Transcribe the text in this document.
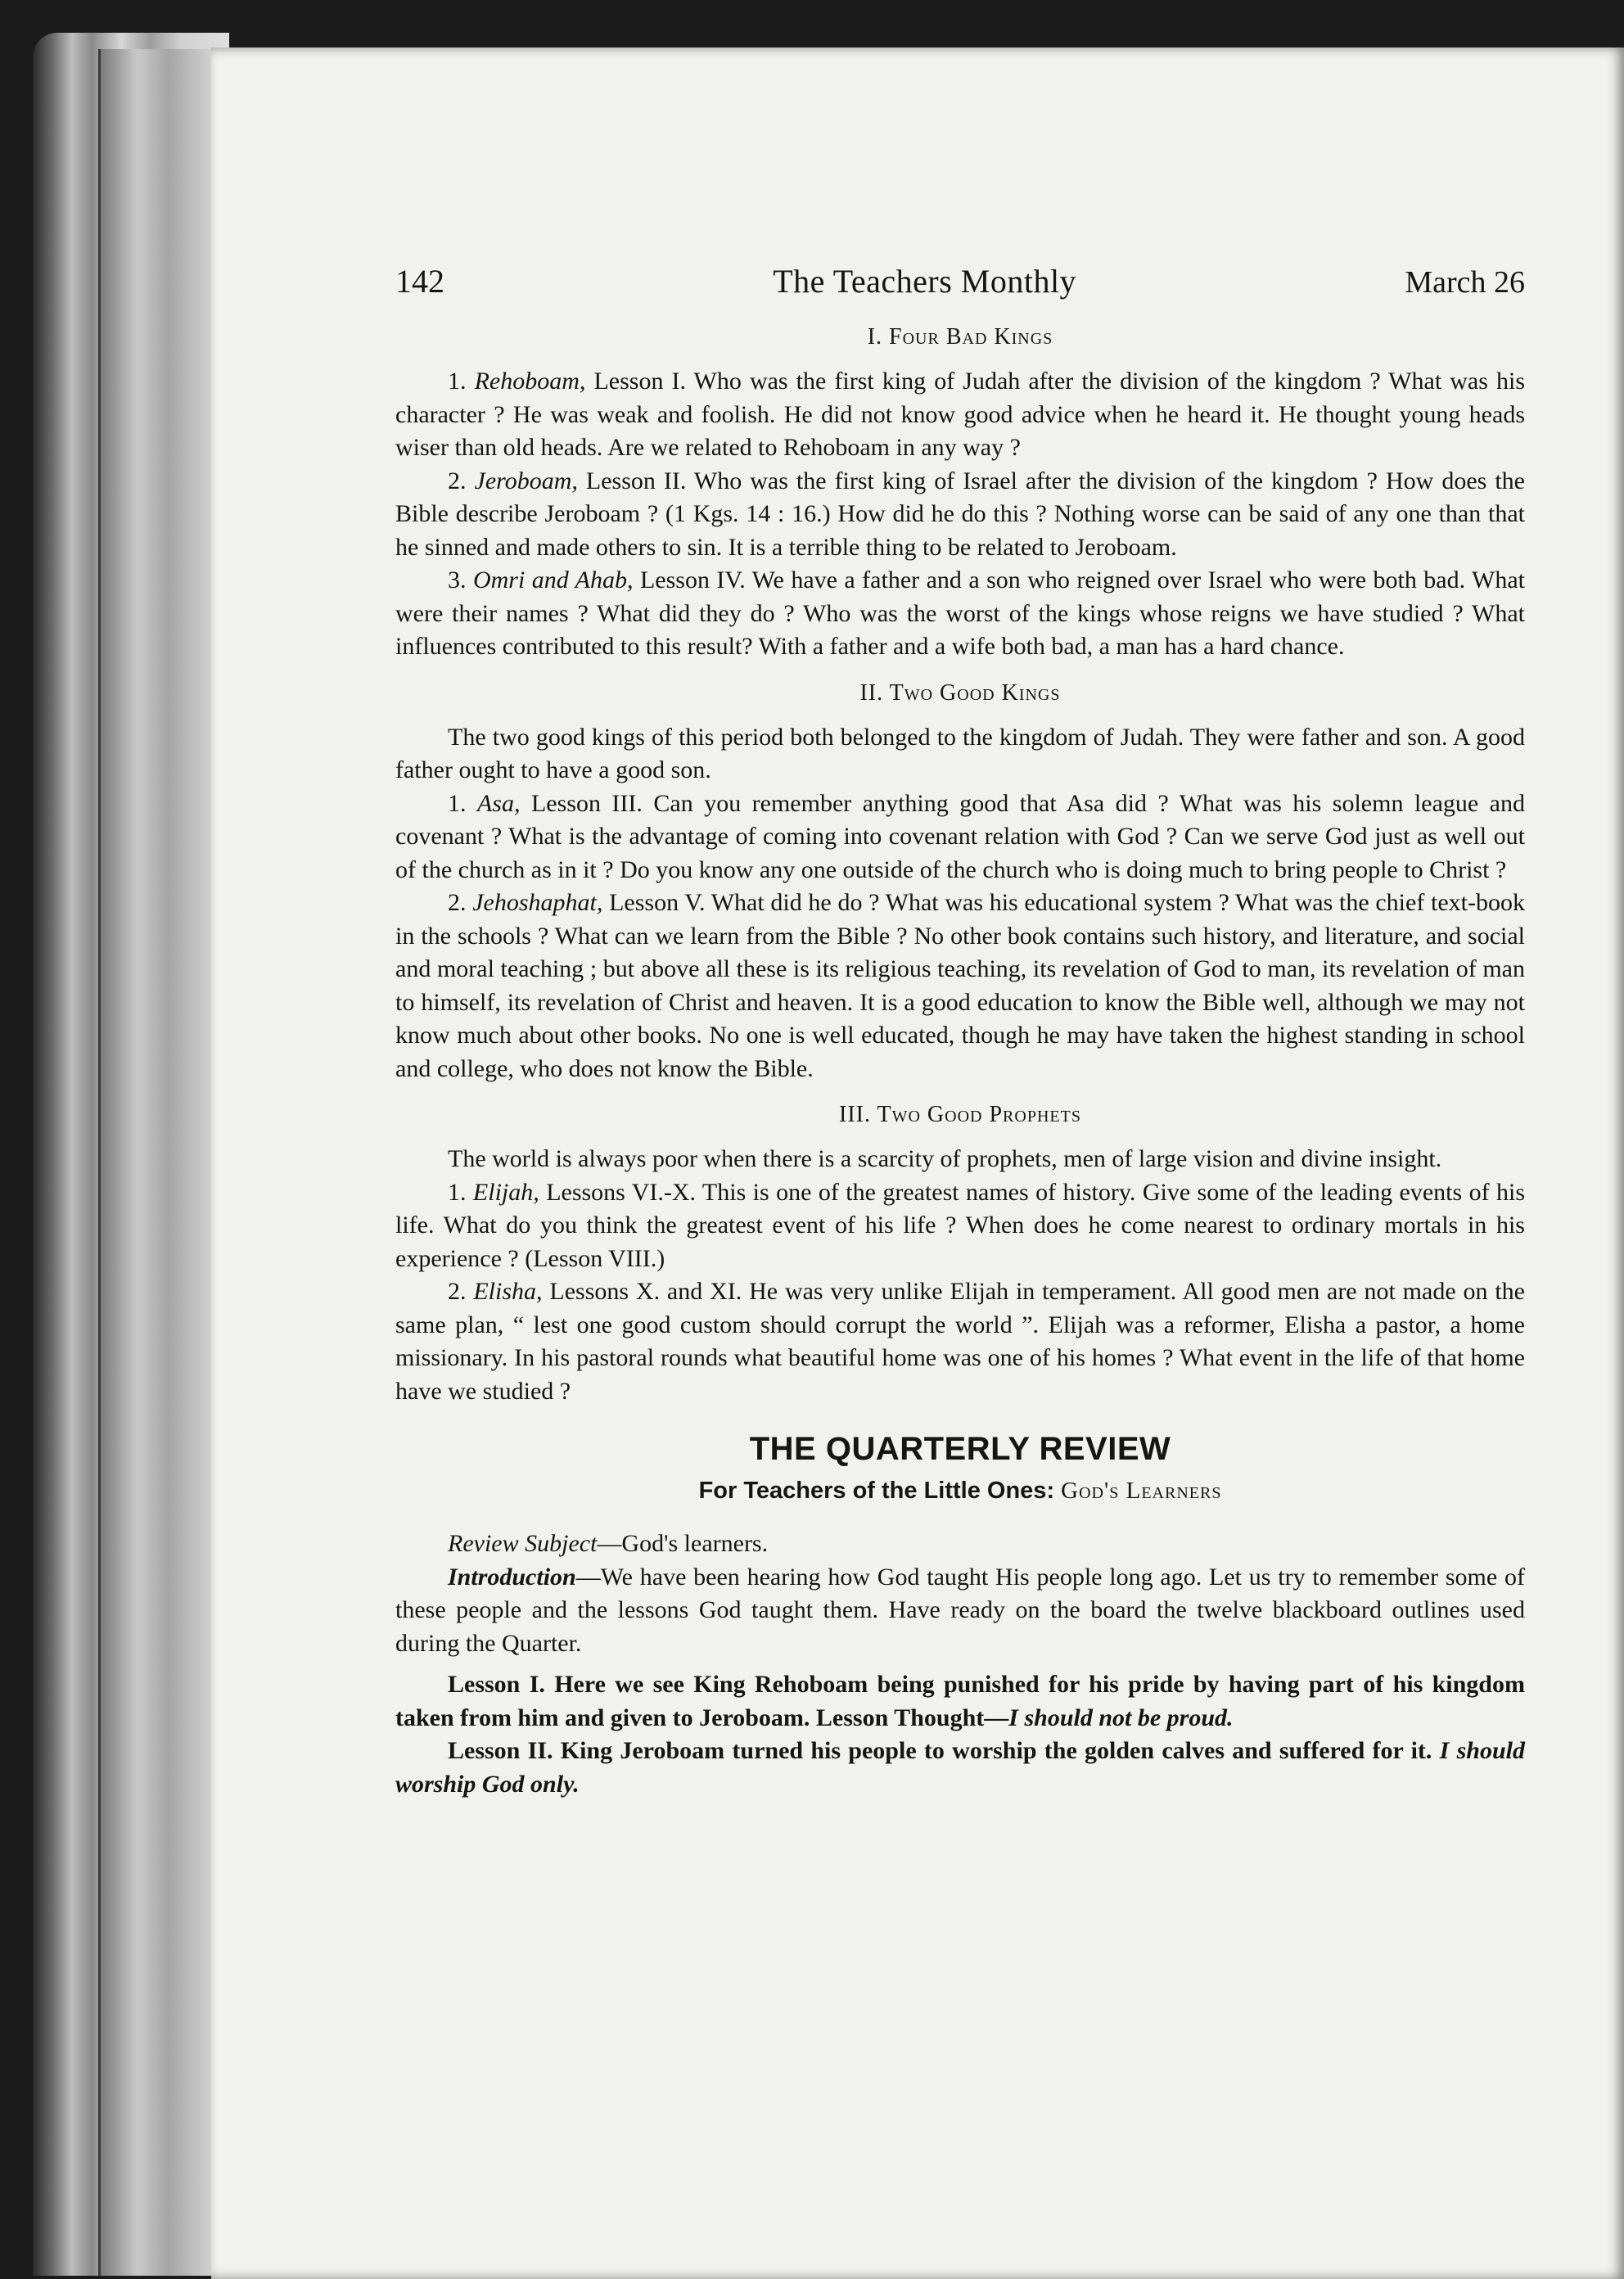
142	The Teachers Monthly	March 26
I. Four Bad Kings

1. Rehoboam, Lesson I. Who was the first king of Judah after the division of the kingdom ? What was his character ? He was weak and foolish. He did not know good advice when he heard it. He thought young heads wiser than old heads. Are we related to Rehoboam in any way ?

2. Jeroboam, Lesson II. Who was the first king of Israel after the division of the kingdom ? How does the Bible describe Jeroboam ? (1 Kgs. 14 : 16.) How did he do this ? Nothing worse can be said of any one than that he sinned and made others to sin. It is a terrible thing to be related to Jeroboam.

3. Omri and Ahab, Lesson IV. We have a father and a son who reigned over Israel who were both bad. What were their names ? What did they do ? Who was the worst of the kings whose reigns we have studied ? What influences contributed to this result? With a father and a wife both bad, a man has a hard chance.

II. Two Good Kings

The two good kings of this period both belonged to the kingdom of Judah. They were father and son. A good father ought to have a good son.

1. Asa, Lesson III. Can you remember anything good that Asa did ? What was his solemn league and covenant ? What is the advantage of coming into covenant relation with God ? Can we serve God just as well out of the church as in it ? Do you know any one outside of the church who is doing much to bring people to Christ ?

2. Jehoshaphat, Lesson V. What did he do ? What was his educational system ? What was the chief text-book in the schools ? What can we learn from the Bible ? No other book contains such history, and literature, and social and moral teaching ; but above all these is its religious teaching, its revelation of God to man, its revelation of man to himself, its revelation of Christ and heaven. It is a good education to know the Bible well, although we may not know much about other books. No one is well educated, though he may have taken the highest standing in school and college, who does not know the Bible.

III. Two Good Prophets

The world is always poor when there is a scarcity of prophets, men of large vision and divine insight.

1. Elijah, Lessons VI.-X. This is one of the greatest names of history. Give some of the leading events of his life. What do you think the greatest event of his life ? When does he come nearest to ordinary mortals in his experience ? (Lesson VIII.)

2. Elisha, Lessons X. and XI. He was very unlike Elijah in temperament. All good men are not made on the same plan, “ lest one good custom should corrupt the world ”. Elijah was a reformer, Elisha a pastor, a home missionary. In his pastoral rounds what beautiful home was one of his homes ? What event in the life of that home have we studied ?

THE QUARTERLY REVIEW
For Teachers of the Little Ones: God's Learners

Review Subject—God's learners.

Introduction—We have been hearing how God taught His people long ago. Let us try to remember some of these people and the lessons God taught them. Have ready on the board the twelve blackboard outlines used during the Quarter.

Lesson I. Here we see King Rehoboam being punished for his pride by having part of his kingdom taken from him and given to Jeroboam. Lesson Thought—I should not be proud.

Lesson II. King Jeroboam turned his people to worship the golden calves and suffered for it. I should worship God only.
